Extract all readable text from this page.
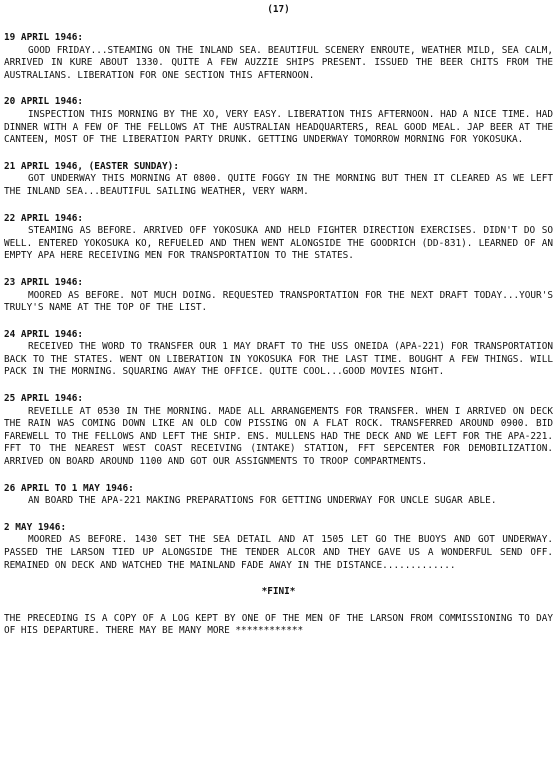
(17)
19 APRIL 1946:
GOOD FRIDAY...STEAMING ON THE INLAND SEA. BEAUTIFUL SCENERY ENROUTE, WEATHER MILD, SEA CALM, ARRIVED IN KURE ABOUT 1330. QUITE A FEW AUZZIE SHIPS PRESENT. ISSUED THE BEER CHITS FROM THE AUSTRALIANS. LIBERATION FOR ONE SECTION THIS AFTERNOON.
20 APRIL 1946:
INSPECTION THIS MORNING BY THE XO, VERY EASY. LIBERATION THIS AFTERNOON. HAD A NICE TIME. HAD DINNER WITH A FEW OF THE FELLOWS AT THE AUSTRALIAN HEADQUARTERS, REAL GOOD MEAL. JAP BEER AT THE CANTEEN, MOST OF THE LIBERATION PARTY DRUNK. GETTING UNDERWAY TOMORROW MORNING FOR YOKOSUKA.
21 APRIL 1946, (EASTER SUNDAY):
GOT UNDERWAY THIS MORNING AT 0800. QUITE FOGGY IN THE MORNING BUT THEN IT CLEARED AS WE LEFT THE INLAND SEA...BEAUTIFUL SAILING WEATHER, VERY WARM.
22 APRIL 1946:
STEAMING AS BEFORE. ARRIVED OFF YOKOSUKA AND HELD FIGHTER DIRECTION EXERCISES. DIDN'T DO SO WELL. ENTERED YOKOSUKA KO, REFUELED AND THEN WENT ALONGSIDE THE GOODRICH (DD-831). LEARNED OF AN EMPTY APA HERE RECEIVING MEN FOR TRANSPORTATION TO THE STATES.
23 APRIL 1946:
MOORED AS BEFORE. NOT MUCH DOING. REQUESTED TRANSPORTATION FOR THE NEXT DRAFT TODAY...YOUR'S TRULY'S NAME AT THE TOP OF THE LIST.
24 APRIL 1946:
RECEIVED THE WORD TO TRANSFER OUR 1 MAY DRAFT TO THE USS ONEIDA (APA-221) FOR TRANSPORTATION BACK TO THE STATES. WENT ON LIBERATION IN YOKOSUKA FOR THE LAST TIME. BOUGHT A FEW THINGS. WILL PACK IN THE MORNING. SQUARING AWAY THE OFFICE. QUITE COOL...GOOD MOVIES NIGHT.
25 APRIL 1946:
REVEILLE AT 0530 IN THE MORNING. MADE ALL ARRANGEMENTS FOR TRANSFER. WHEN I ARRIVED ON DECK THE RAIN WAS COMING DOWN LIKE AN OLD COW PISSING ON A FLAT ROCK. TRANSFERRED AROUND 0900. BID FAREWELL TO THE FELLOWS AND LEFT THE SHIP. ENS. MULLENS HAD THE DECK AND WE LEFT FOR THE APA-221. FFT TO THE NEAREST WEST COAST RECEIVING (INTAKE) STATION, FFT SEPCENTER FOR DEMOBILIZATION. ARRIVED ON BOARD AROUND 1100 AND GOT OUR ASSIGNMENTS TO TROOP COMPARTMENTS.
26 APRIL TO 1 MAY 1946:
AN BOARD THE APA-221 MAKING PREPARATIONS FOR GETTING UNDERWAY FOR UNCLE SUGAR ABLE.
2 MAY 1946:
MOORED AS BEFORE. 1430 SET THE SEA DETAIL AND AT 1505 LET GO THE BUOYS AND GOT UNDERWAY. PASSED THE LARSON TIED UP ALONGSIDE THE TENDER ALCOR AND THEY GAVE US A WONDERFUL SEND OFF. REMAINED ON DECK AND WATCHED THE MAINLAND FADE AWAY IN THE DISTANCE.............
*FINI*
THE PRECEDING IS A COPY OF A LOG KEPT BY ONE OF THE MEN OF THE LARSON FROM COMMISSIONING TO DAY OF HIS DEPARTURE. THERE MAY BE MANY MORE ************
